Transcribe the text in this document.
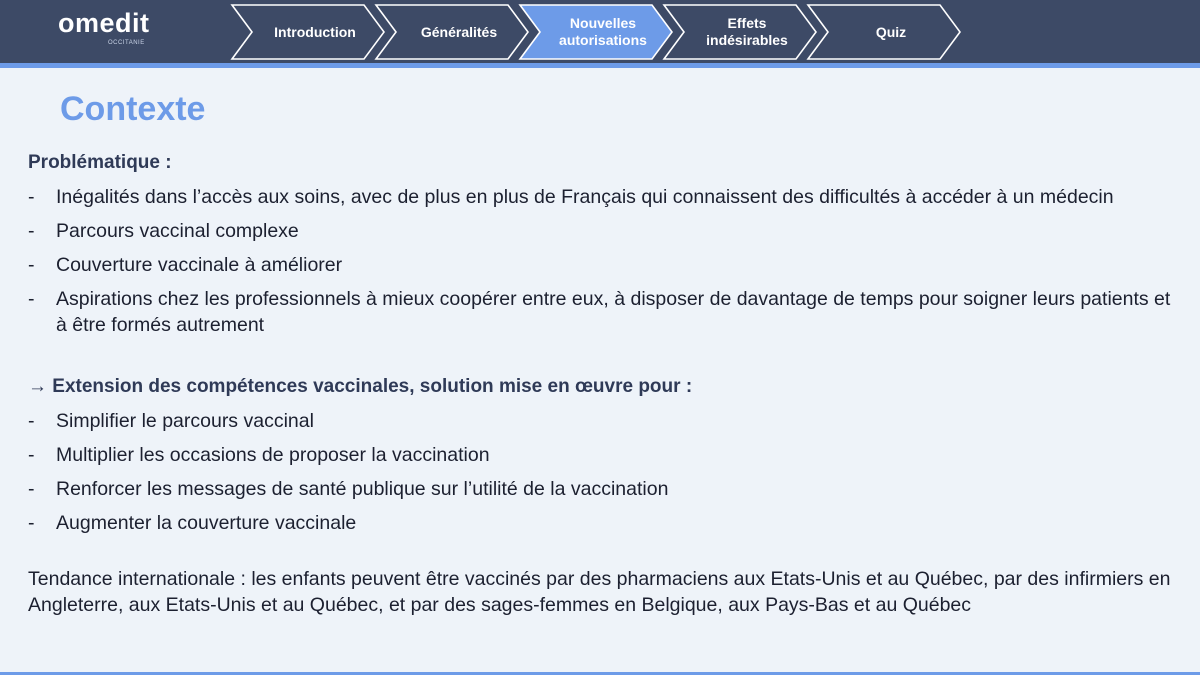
omedit
OCCITANIE
Introduction	Généralités
Nouvelles
autorisations
Effets
indésirables
Quiz
Contexte
Problématique :
- Inégalités dans l’accès aux soins, avec de plus en plus de Français qui connaissent des difficultés à accéder à un médecin
- Parcours vaccinal complexe
- Couverture vaccinale à améliorer
- Aspirations chez les professionnels à mieux coopérer entre eux, à disposer de davantage de temps pour soigner leurs patients et à être formés autrement
→ Extension des compétences vaccinales, solution mise en œuvre pour :
- Simplifier le parcours vaccinal
- Multiplier les occasions de proposer la vaccination
- Renforcer les messages de santé publique sur l’utilité de la vaccination
- Augmenter la couverture vaccinale
Tendance internationale : les enfants peuvent être vaccinés par des pharmaciens aux Etats-Unis et au Québec, par des infirmiers en Angleterre, aux Etats-Unis et au Québec, et par des sages-femmes en Belgique, aux Pays-Bas et au Québec
